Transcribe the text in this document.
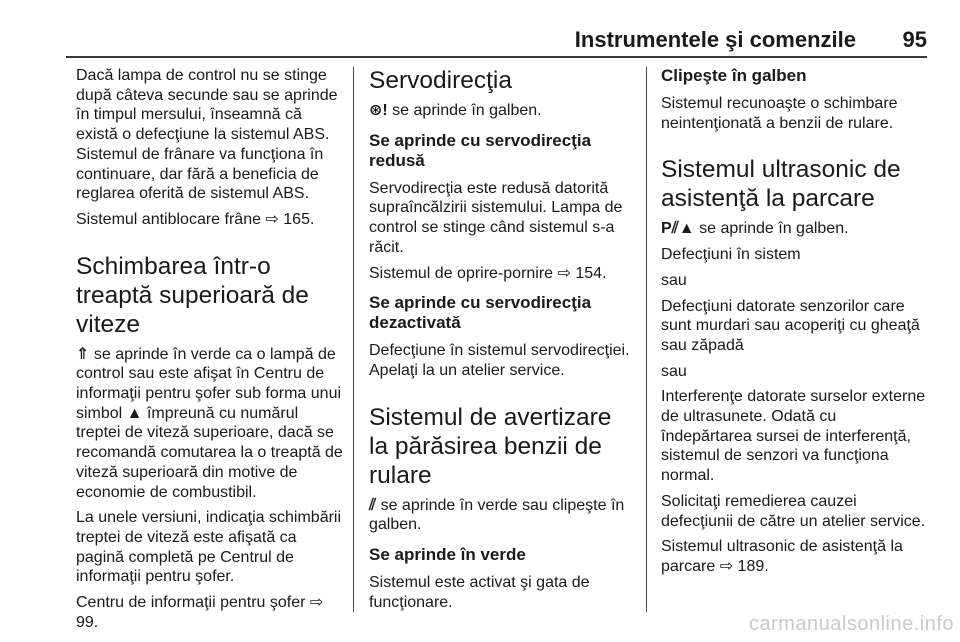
Instrumentele şi comenzile 95

Dacă lampa de control nu se stinge după câteva secunde sau se aprinde în timpul mersului, înseamnă că există o defecţiune la sistemul ABS. Sistemul de frânare va funcţiona în continuare, dar fără a beneficia de reglarea oferită de sistemul ABS.

Sistemul antiblocare frâne ⇨ 165.

Schimbarea într-o treaptă superioară de viteze

⇑ se aprinde în verde ca o lampă de control sau este afişat în Centru de informaţii pentru şofer sub forma unui simbol ▲ împreună cu numărul treptei de viteză superioare, dacă se recomandă comutarea la o treaptă de viteză superioară din motive de economie de combustibil.

La unele versiuni, indicaţia schimbării treptei de viteză este afişată ca pagină completă pe Centrul de informaţii pentru şofer.

Centru de informaţii pentru şofer ⇨ 99.

Servodirecţia

⊛! se aprinde în galben.

Se aprinde cu servodirecţia redusă

Servodirecţia este redusă datorită supraîncălzirii sistemului. Lampa de control se stinge când sistemul s-a răcit.

Sistemul de oprire-pornire ⇨ 154.

Se aprinde cu servodirecţia dezactivată

Defecţiune în sistemul servodirecţiei. Apelaţi la un atelier service.

Sistemul de avertizare la părăsirea benzii de rulare

⫽ se aprinde în verde sau clipeşte în galben.

Se aprinde în verde

Sistemul este activat şi gata de funcţionare.

Clipeşte în galben

Sistemul recunoaşte o schimbare neintenţionată a benzii de rulare.

Sistemul ultrasonic de asistenţă la parcare

P⫽▲ se aprinde în galben.

Defecţiuni în sistem

sau

Defecţiuni datorate senzorilor care sunt murdari sau acoperiţi cu gheaţă sau zăpadă

sau

Interferenţe datorate surselor externe de ultrasunete. Odată cu îndepărtarea sursei de interferenţă, sistemul de senzori va funcţiona normal.

Solicitaţi remedierea cauzei defecţiunii de către un atelier service.

Sistemul ultrasonic de asistenţă la parcare ⇨ 189.

carmanualsonline.info
